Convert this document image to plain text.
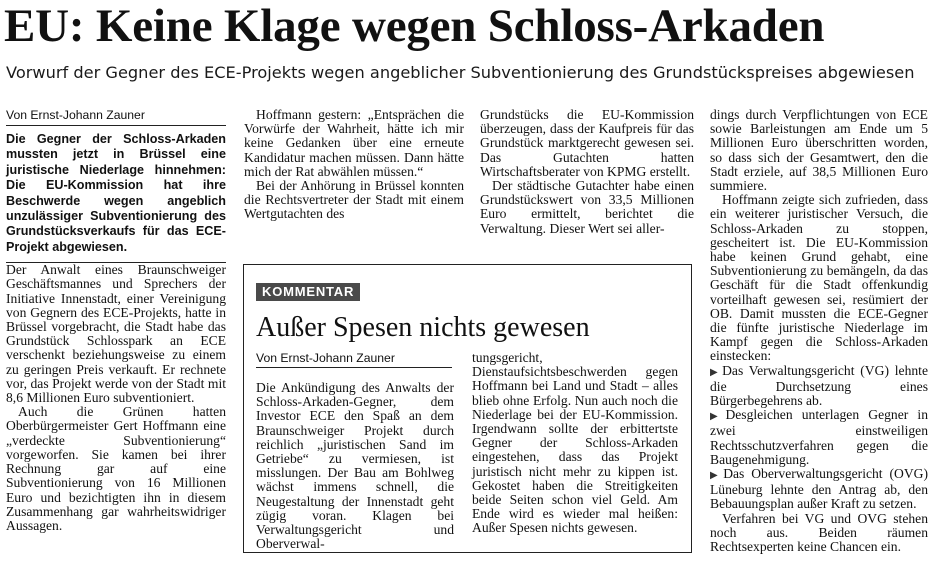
EU: Keine Klage wegen Schloss-Arkaden
Vorwurf der Gegner des ECE-Projekts wegen angeblicher Subventionierung des Grundstückspreises abgewiesen
Von Ernst-Johann Zauner

Die Gegner der Schloss-Arkaden mussten jetzt in Brüssel eine juristische Niederlage hinnehmen: Die EU-Kommission hat ihre Beschwerde wegen angeblich unzulässiger Subventionierung des Grundstücksverkaufs für das ECE-Projekt abgewiesen.

Der Anwalt eines Braunschweiger Geschäftsmannes und Sprechers der Initiative Innenstadt, einer Vereinigung von Gegnern des ECE-Projekts, hatte in Brüssel vorgebracht, die Stadt habe das Grundstück Schlosspark an ECE verschenkt beziehungsweise zu einem zu geringen Preis verkauft. Er rechnete vor, das Projekt werde von der Stadt mit 8,6 Millionen Euro subventioniert.

Auch die Grünen hatten Oberbürgermeister Gert Hoffmann eine „verdeckte Subventionierung“ vorgeworfen. Sie kamen bei ihrer Rechnung gar auf eine Subventionierung von 16 Millionen Euro und bezichtigten ihn in diesem Zusammenhang gar wahrheitswidriger Aussagen.

Hoffmann gestern: „Entsprächen die Vorwürfe der Wahrheit, hätte ich mir keine Gedanken über eine erneute Kandidatur machen müssen. Dann hätte mich der Rat abwählen müssen.“

Bei der Anhörung in Brüssel konnten die Rechtsvertreter der Stadt mit einem Wertgutachten des

Grundstücks die EU-Kommission überzeugen, dass der Kaufpreis für das Grundstück marktgerecht gewesen sei. Das Gutachten hatten Wirtschaftsberater von KPMG erstellt.

Der städtische Gutachter habe einen Grundstückswert von 33,5 Millionen Euro ermittelt, berichtet die Verwaltung. Dieser Wert sei aller-

dings durch Verpflichtungen von ECE sowie Barleistungen am Ende um 5 Millionen Euro überschritten worden, so dass sich der Gesamtwert, den die Stadt erziele, auf 38,5 Millionen Euro summiere.

Hoffmann zeigte sich zufrieden, dass ein weiterer juristischer Versuch, die Schloss-Arkaden zu stoppen, gescheitert ist. Die EU-Kommission habe keinen Grund gehabt, eine Subventionierung zu bemängeln, da das Geschäft für die Stadt offenkundig vorteilhaft gewesen sei, resümiert der OB. Damit mussten die ECE-Gegner die fünfte juristische Niederlage im Kampf gegen die Schloss-Arkaden einstecken:

▶ Das Verwaltungsgericht (VG) lehnte die Durchsetzung eines Bürgerbegehrens ab.

▶ Desgleichen unterlagen Gegner in zwei einstweiligen Rechtsschutzverfahren gegen die Baugenehmigung.

▶ Das Oberverwaltungsgericht (OVG) Lüneburg lehnte den Antrag ab, den Bebauungsplan außer Kraft zu setzen.

Verfahren bei VG und OVG stehen noch aus. Beiden räumen Rechtsexperten keine Chancen ein.

KOMMENTAR
Außer Spesen nichts gewesen
Von Ernst-Johann Zauner

Die Ankündigung des Anwalts der Schloss-Arkaden-Gegner, dem Investor ECE den Spaß an dem Braunschweiger Projekt durch reichlich „juristischen Sand im Getriebe“ zu vermiesen, ist misslungen. Der Bau am Bohlweg wächst immens schnell, die Neugestaltung der Innenstadt geht zügig voran. Klagen bei Verwaltungsgericht und Oberverwal-

tungsgericht, Dienstaufsichtsbeschwerden gegen Hoffmann bei Land und Stadt – alles blieb ohne Erfolg. Nun auch noch die Niederlage bei der EU-Kommission. Irgendwann sollte der erbittertste Gegner der Schloss-Arkaden eingestehen, dass das Projekt juristisch nicht mehr zu kippen ist. Gekostet haben die Streitigkeiten beide Seiten schon viel Geld. Am Ende wird es wieder mal heißen: Außer Spesen nichts gewesen.
